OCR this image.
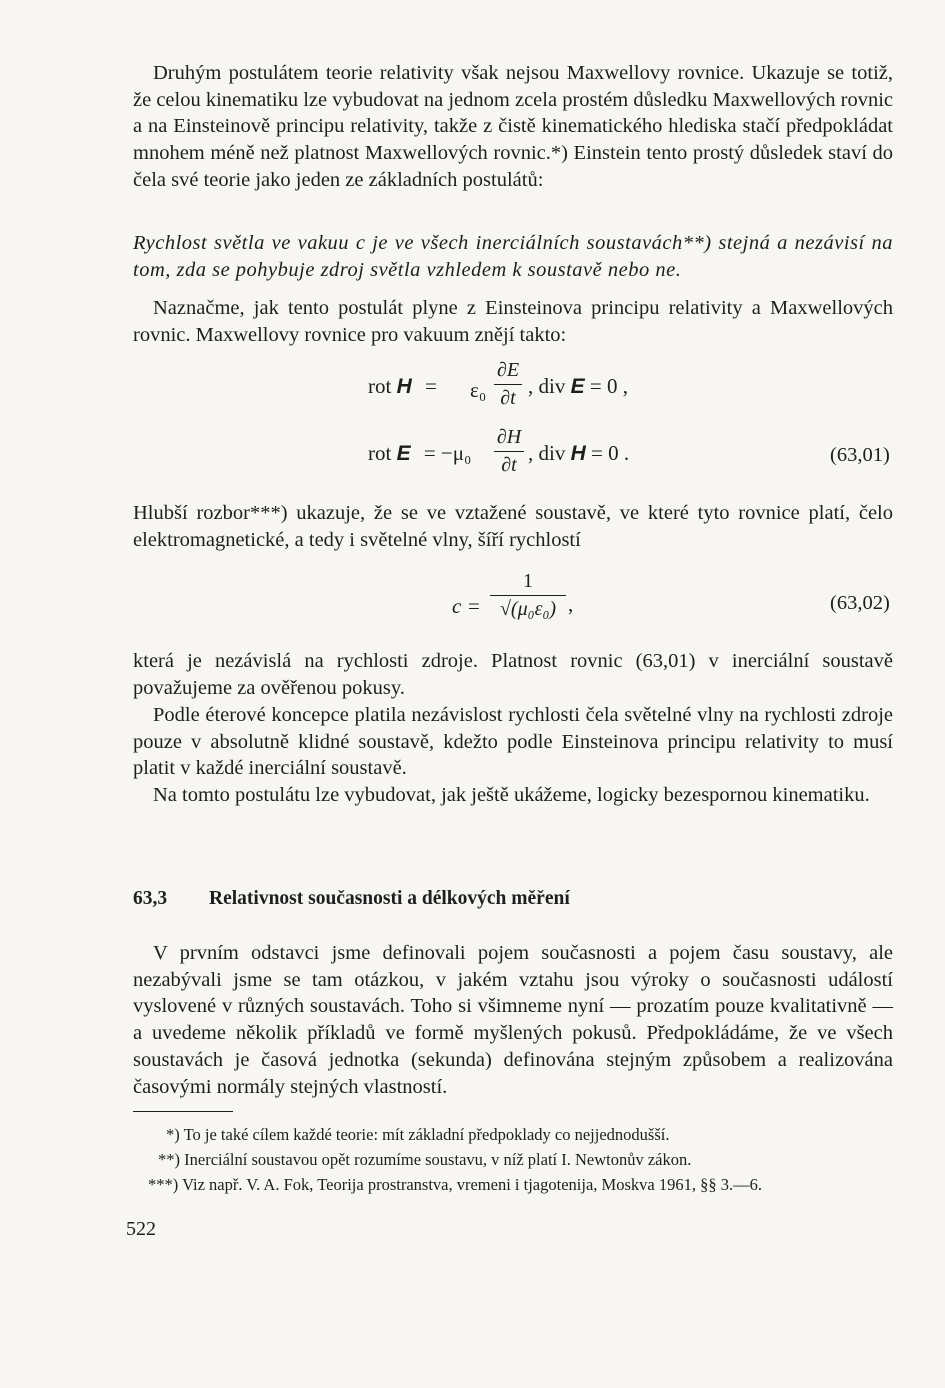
Druhým postulátem teorie relativity však nejsou Maxwellovy rovnice. Ukazuje se totiž, že celou kinematiku lze vybudovat na jednom zcela prostém důsledku Maxwellových rovnic a na Einsteinově principu relativity, takže z čistě kinematického hlediska stačí předpokládat mnohem méně než platnost Maxwellových rovnic.*) Einstein tento prostý důsledek staví do čela své teorie jako jeden ze základních postulátů:

Rychlost světla ve vakuu c je ve všech inerciálních soustavách**) stejná a nezávisí na tom, zda se pohybuje zdroj světla vzhledem k soustavě nebo ne.

Naznačme, jak tento postulát plyne z Einsteinova principu relativity a Maxwellových rovnic. Maxwellovy rovnice pro vakuum znějí takto:

rot H = ε₀
∂E
∂t , div E = 0 ,
rot E = −μ₀
∂H
∂t , div H = 0 .	(63,01)

Hlubší rozbor***) ukazuje, že se ve vztažené soustavě, ve které tyto rovnice platí, čelo elektromagnetické, a tedy i světelné vlny, šíří rychlostí

c =
1
√(μ₀ε₀) ,	(63,02)

která je nezávislá na rychlosti zdroje. Platnost rovnic (63,01) v inerciální soustavě považujeme za ověřenou pokusy.

Podle éterové koncepce platila nezávislost rychlosti čela světelné vlny na rychlosti zdroje pouze v absolutně klidné soustavě, kdežto podle Einsteinova principu relativity to musí platit v každé inerciální soustavě.

Na tomto postulátu lze vybudovat, jak ještě ukážeme, logicky bezespornou kinematiku.

63,3 Relativnost současnosti a délkových měření

V prvním odstavci jsme definovali pojem současnosti a pojem času soustavy, ale nezabývali jsme se tam otázkou, v jakém vztahu jsou výroky o současnosti událostí vyslovené v různých soustavách. Toho si všimneme nyní — prozatím pouze kvalitativně — a uvedeme několik příkladů ve formě myšlených pokusů. Předpokládáme, že ve všech soustavách je časová jednotka (sekunda) definována stejným způsobem a realizována časovými normály stejných vlastností.

*) To je také cílem každé teorie: mít základní předpoklady co nejjednodušší.
**) Inerciální soustavou opět rozumíme soustavu, v níž platí I. Newtonův zákon.
***) Viz např. V. A. Fok, Teorija prostranstva, vremeni i tjagotenija, Moskva 1961, §§ 3.—6.
522
